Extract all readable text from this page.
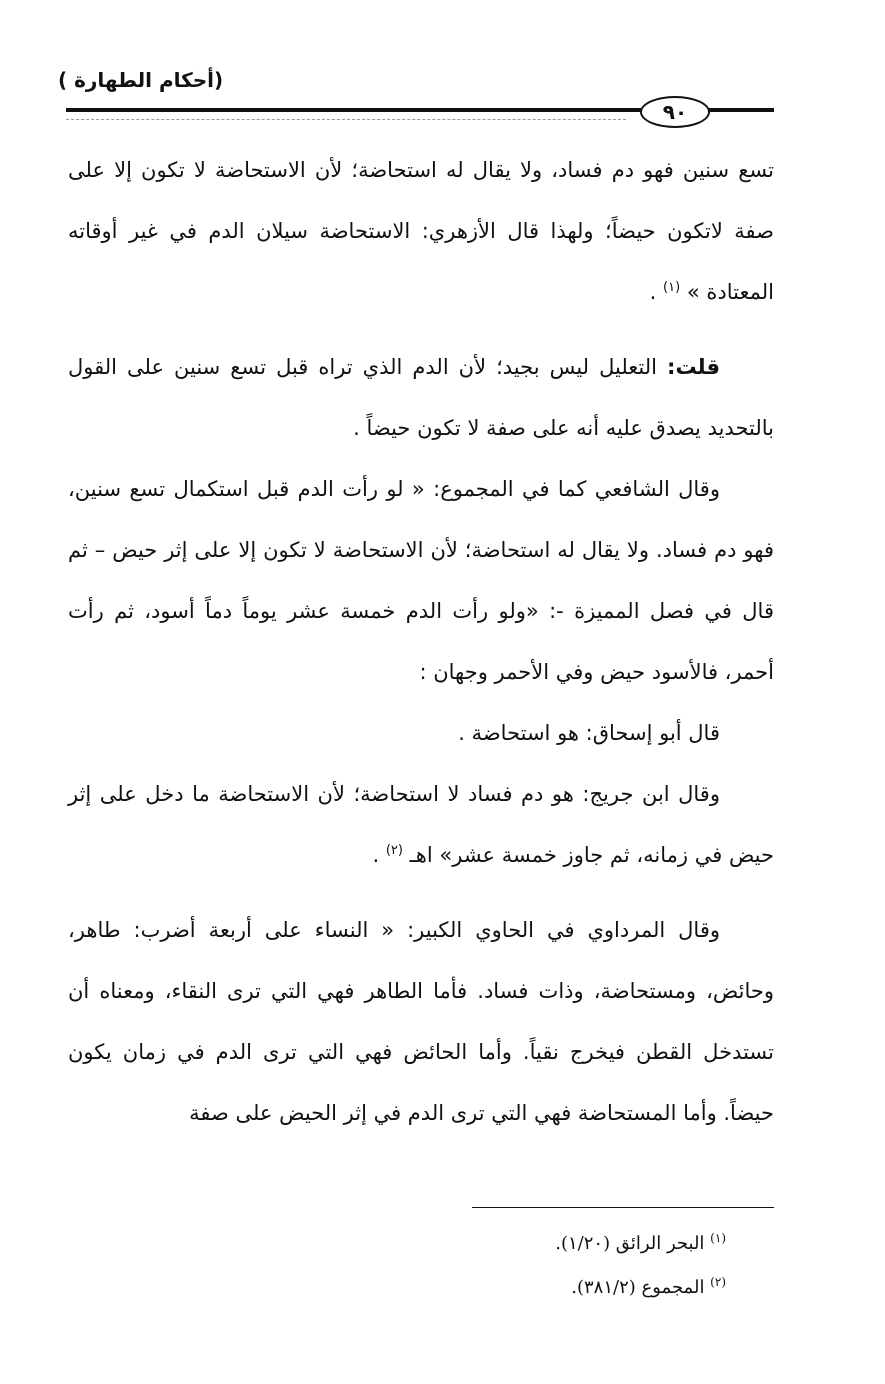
(أحكام الطهارة )
٩٠

تسع سنين فهو دم فساد، ولا يقال له استحاضة؛ لأن الاستحاضة لا تكون إلا على صفة لاتكون حيضاً؛ ولهذا قال الأزهري: الاستحاضة سيلان الدم في غير أوقاته المعتادة » $^{(١)}$ .

قلت: التعليل ليس بجيد؛ لأن الدم الذي تراه قبل تسع سنين على القول بالتحديد يصدق عليه أنه على صفة لا تكون حيضاً .

وقال الشافعي كما في المجموع: « لو رأت الدم قبل استكمال تسع سنين، فهو دم فساد. ولا يقال له استحاضة؛ لأن الاستحاضة لا تكون إلا على إثر حيض – ثم قال في فصل المميزة -: «ولو رأت الدم خمسة عشر يوماً دماً أسود، ثم رأت أحمر، فالأسود حيض وفي الأحمر وجهان :

قال أبو إسحاق: هو استحاضة .

وقال ابن جريج: هو دم فساد لا استحاضة؛ لأن الاستحاضة ما دخل على إثر حيض في زمانه، ثم جاوز خمسة عشر» اهـ $^{(٢)}$ .

وقال المرداوي في الحاوي الكبير: « النساء على أربعة أضرب: طاهر، وحائض، ومستحاضة، وذات فساد. فأما الطاهر فهي التي ترى النقاء، ومعناه أن تستدخل القطن فيخرج نقياً. وأما الحائض فهي التي ترى الدم في زمان يكون حيضاً. وأما المستحاضة فهي التي ترى الدم في إثر الحيض على صفة

$^{(١)}$ البحر الرائق (١/٢٠).

$^{(٢)}$ المجموع (٣٨١/٢).
